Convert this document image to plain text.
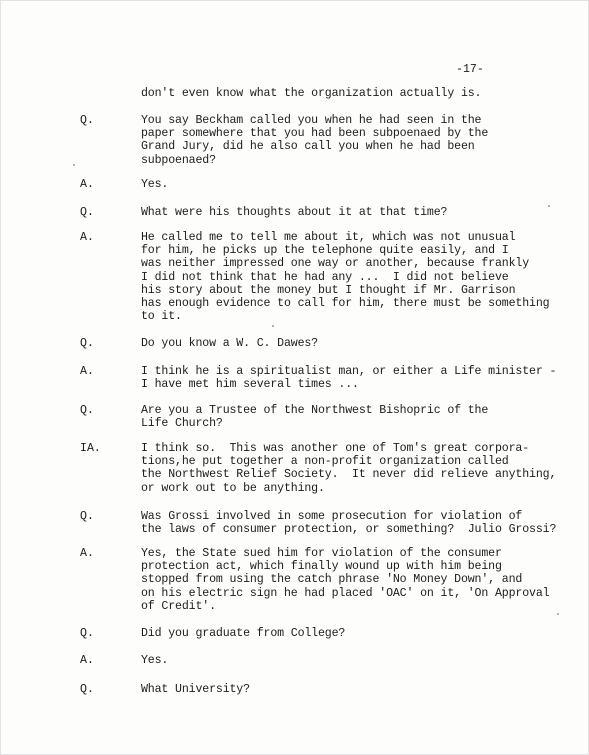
-17-
don't even know what the organization actually is.
Q.	You say Beckham called you when he had seen in the
paper somewhere that you had been subpoenaed by the
Grand Jury, did he also call you when he had been
subpoenaed?
A.	Yes.
Q.	What were his thoughts about it at that time?
A.	He called me to tell me about it, which was not unusual
for him, he picks up the telephone quite easily, and I
was neither impressed one way or another, because frankly
I did not think that he had any ...  I did not believe
his story about the money but I thought if Mr. Garrison
has enough evidence to call for him, there must be something
to it.
Q.	Do you know a W. C. Dawes?
A.	I think he is a spiritualist man, or either a Life minister -
I have met him several times ...
Q.	Are you a Trustee of the Northwest Bishopric of the
Life Church?
IA.	I think so.  This was another one of Tom's great corpora-
tions,he put together a non-profit organization called
the Northwest Relief Society.  It never did relieve anything,
or work out to be anything.
Q.	Was Grossi involved in some prosecution for violation of
the laws of consumer protection, or something?  Julio Grossi?
A.	Yes, the State sued him for violation of the consumer
protection act, which finally wound up with him being
stopped from using the catch phrase 'No Money Down', and
on his electric sign he had placed 'OAC' on it, 'On Approval
of Credit'.
Q.	Did you graduate from College?
A.	Yes.
Q.	What University?
